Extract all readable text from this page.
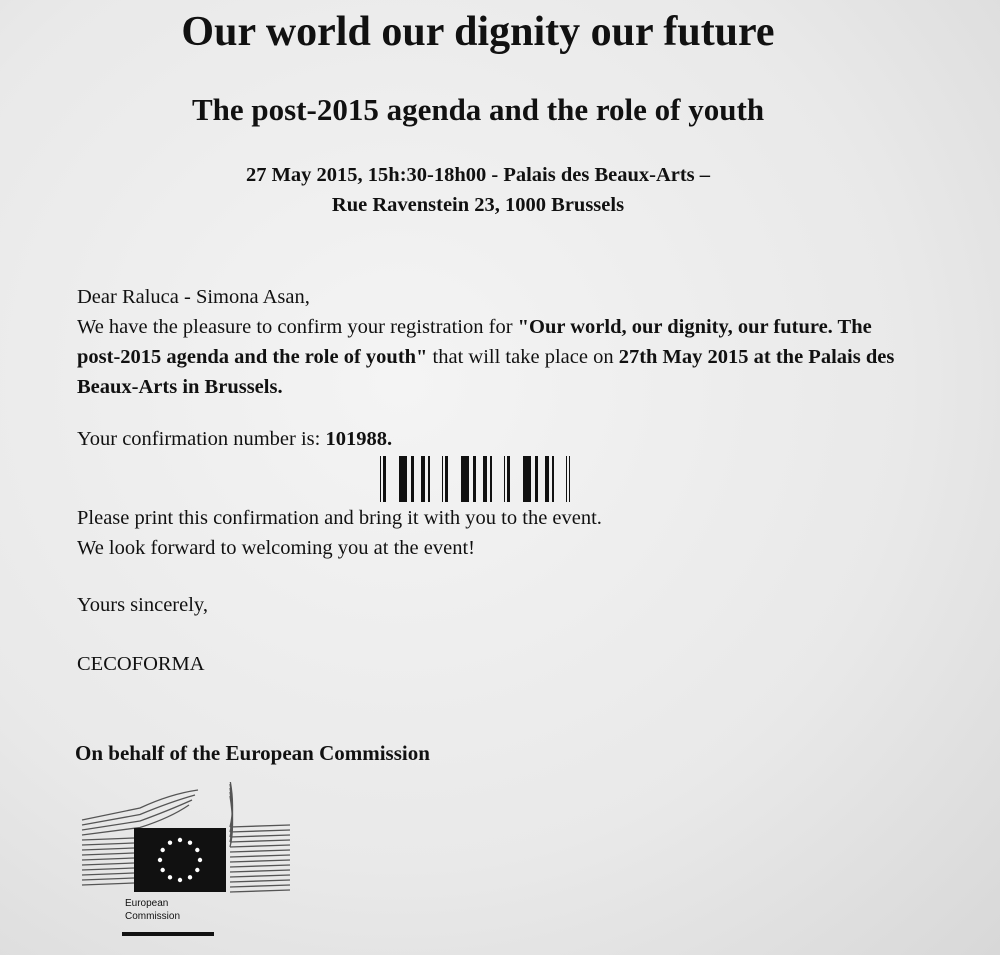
Our world our dignity our future
The post-2015 agenda and the role of youth
27 May 2015, 15h:30-18h00 - Palais des Beaux-Arts –
Rue Ravenstein 23, 1000 Brussels
Dear Raluca - Simona Asan,
We have the pleasure to confirm your registration for "Our world, our dignity, our future. The post-2015 agenda and the role of youth" that will take place on 27th May 2015 at the Palais des Beaux-Arts in Brussels.
Your confirmation number is: 101988.
Please print this confirmation and bring it with you to the event.
We look forward to welcoming you at the event!
Yours sincerely,
CECOFORMA
On behalf of the European Commission
European
Commission
